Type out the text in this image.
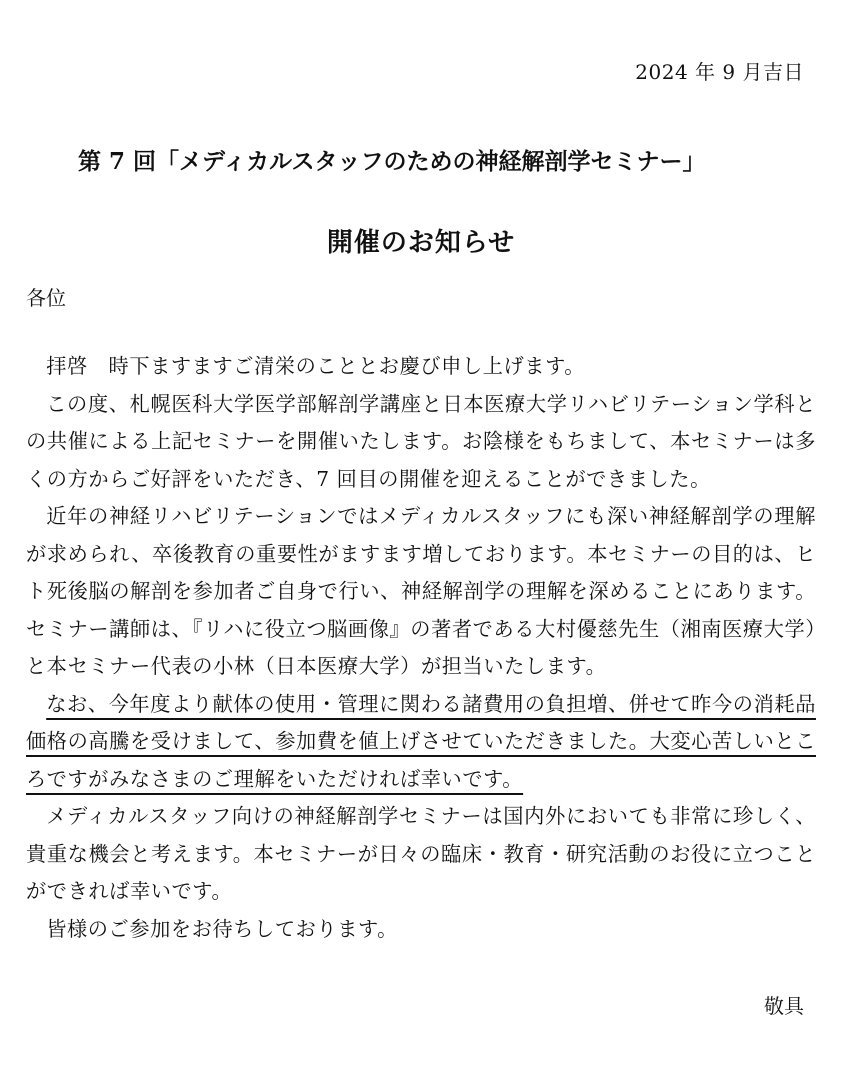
2024 年 9 月吉日
第 7 回「メディカルスタッフのための神経解剖学セミナー」
開催のお知らせ
各位

拝啓　時下ますますご清栄のこととお慶び申し上げます。

この度、札幌医科大学医学部解剖学講座と日本医療大学リハビリテーション学科との共催による上記セミナーを開催いたします。お陰様をもちまして、本セミナーは多くの方からご好評をいただき、7 回目の開催を迎えることができました。

近年の神経リハビリテーションではメディカルスタッフにも深い神経解剖学の理解が求められ、卒後教育の重要性がますます増しております。本セミナーの目的は、ヒト死後脳の解剖を参加者ご自身で行い、神経解剖学の理解を深めることにあります。セミナー講師は、『リハに役立つ脳画像』の著者である大村優慈先生（湘南医療大学）と本セミナー代表の小林（日本医療大学）が担当いたします。

なお、今年度より献体の使用・管理に関わる諸費用の負担増、併せて昨今の消耗品価格の高騰を受けまして、参加費を値上げさせていただきました。大変心苦しいところですがみなさまのご理解をいただければ幸いです。

メディカルスタッフ向けの神経解剖学セミナーは国内外においても非常に珍しく、貴重な機会と考えます。本セミナーが日々の臨床・教育・研究活動のお役に立つことができれば幸いです。

皆様のご参加をお待ちしております。

敬具
